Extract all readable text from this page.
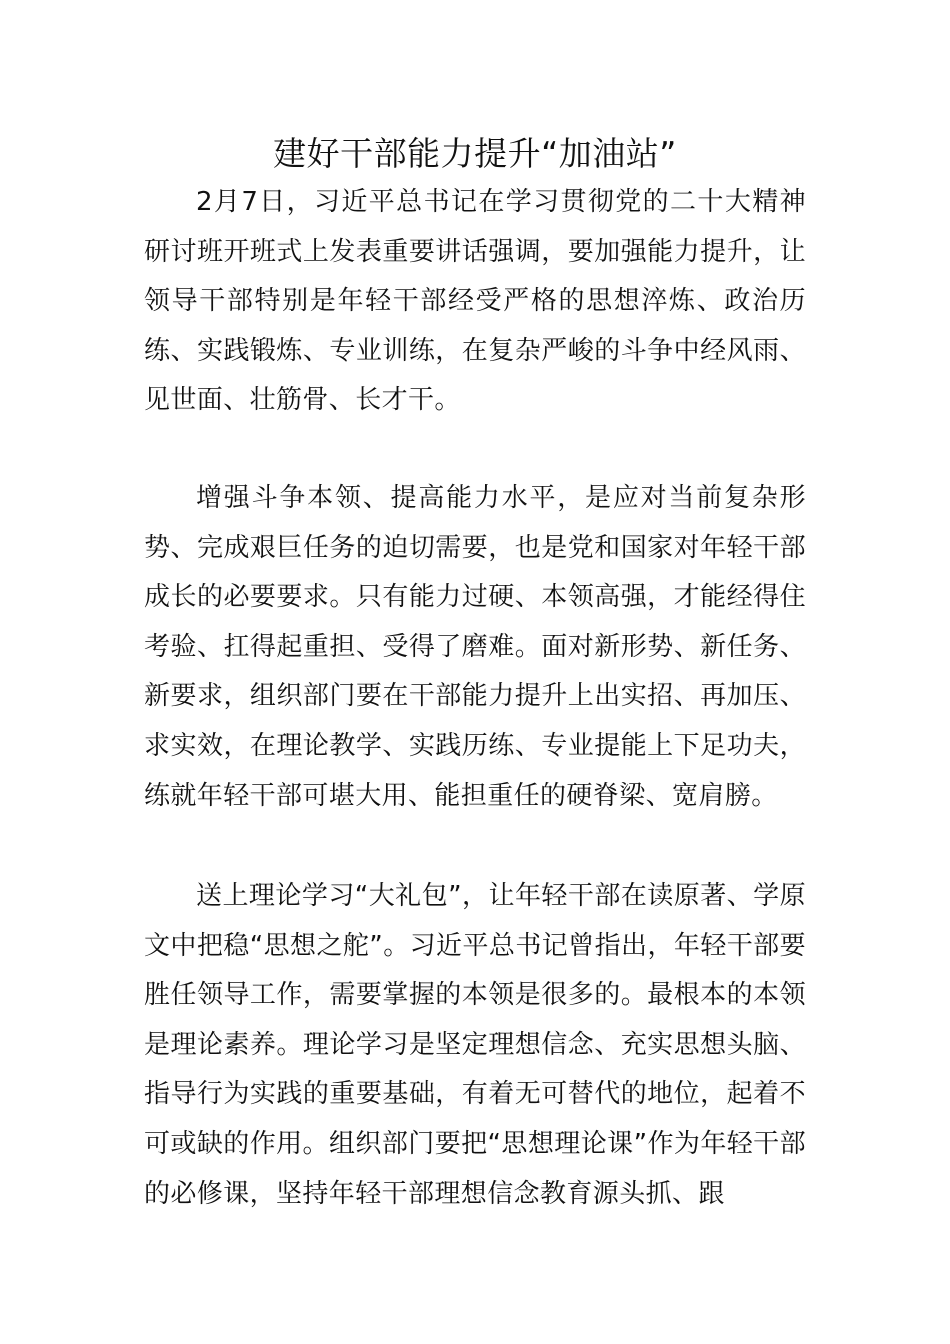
建好干部能力提升“加油站”

2月7日，习近平总书记在学习贯彻党的二十大精神研讨班开班式上发表重要讲话强调，要加强能力提升，让领导干部特别是年轻干部经受严格的思想淬炼、政治历练、实践锻炼、专业训练，在复杂严峻的斗争中经风雨、见世面、壮筋骨、长才干。

增强斗争本领、提高能力水平，是应对当前复杂形势、完成艰巨任务的迫切需要，也是党和国家对年轻干部成长的必要要求。只有能力过硬、本领高强，才能经得住考验、扛得起重担、受得了磨难。面对新形势、新任务、新要求，组织部门要在干部能力提升上出实招、再加压、求实效，在理论教学、实践历练、专业提能上下足功夫，练就年轻干部可堪大用、能担重任的硬脊梁、宽肩膀。

送上理论学习“大礼包”，让年轻干部在读原著、学原文中把稳“思想之舵”。习近平总书记曾指出，年轻干部要胜任领导工作，需要掌握的本领是很多的。最根本的本领是理论素养。理论学习是坚定理想信念、充实思想头脑、指导行为实践的重要基础，有着无可替代的地位，起着不可或缺的作用。组织部门要把“思想理论课”作为年轻干部的必修课，坚持年轻干部理想信念教育源头抓、跟
